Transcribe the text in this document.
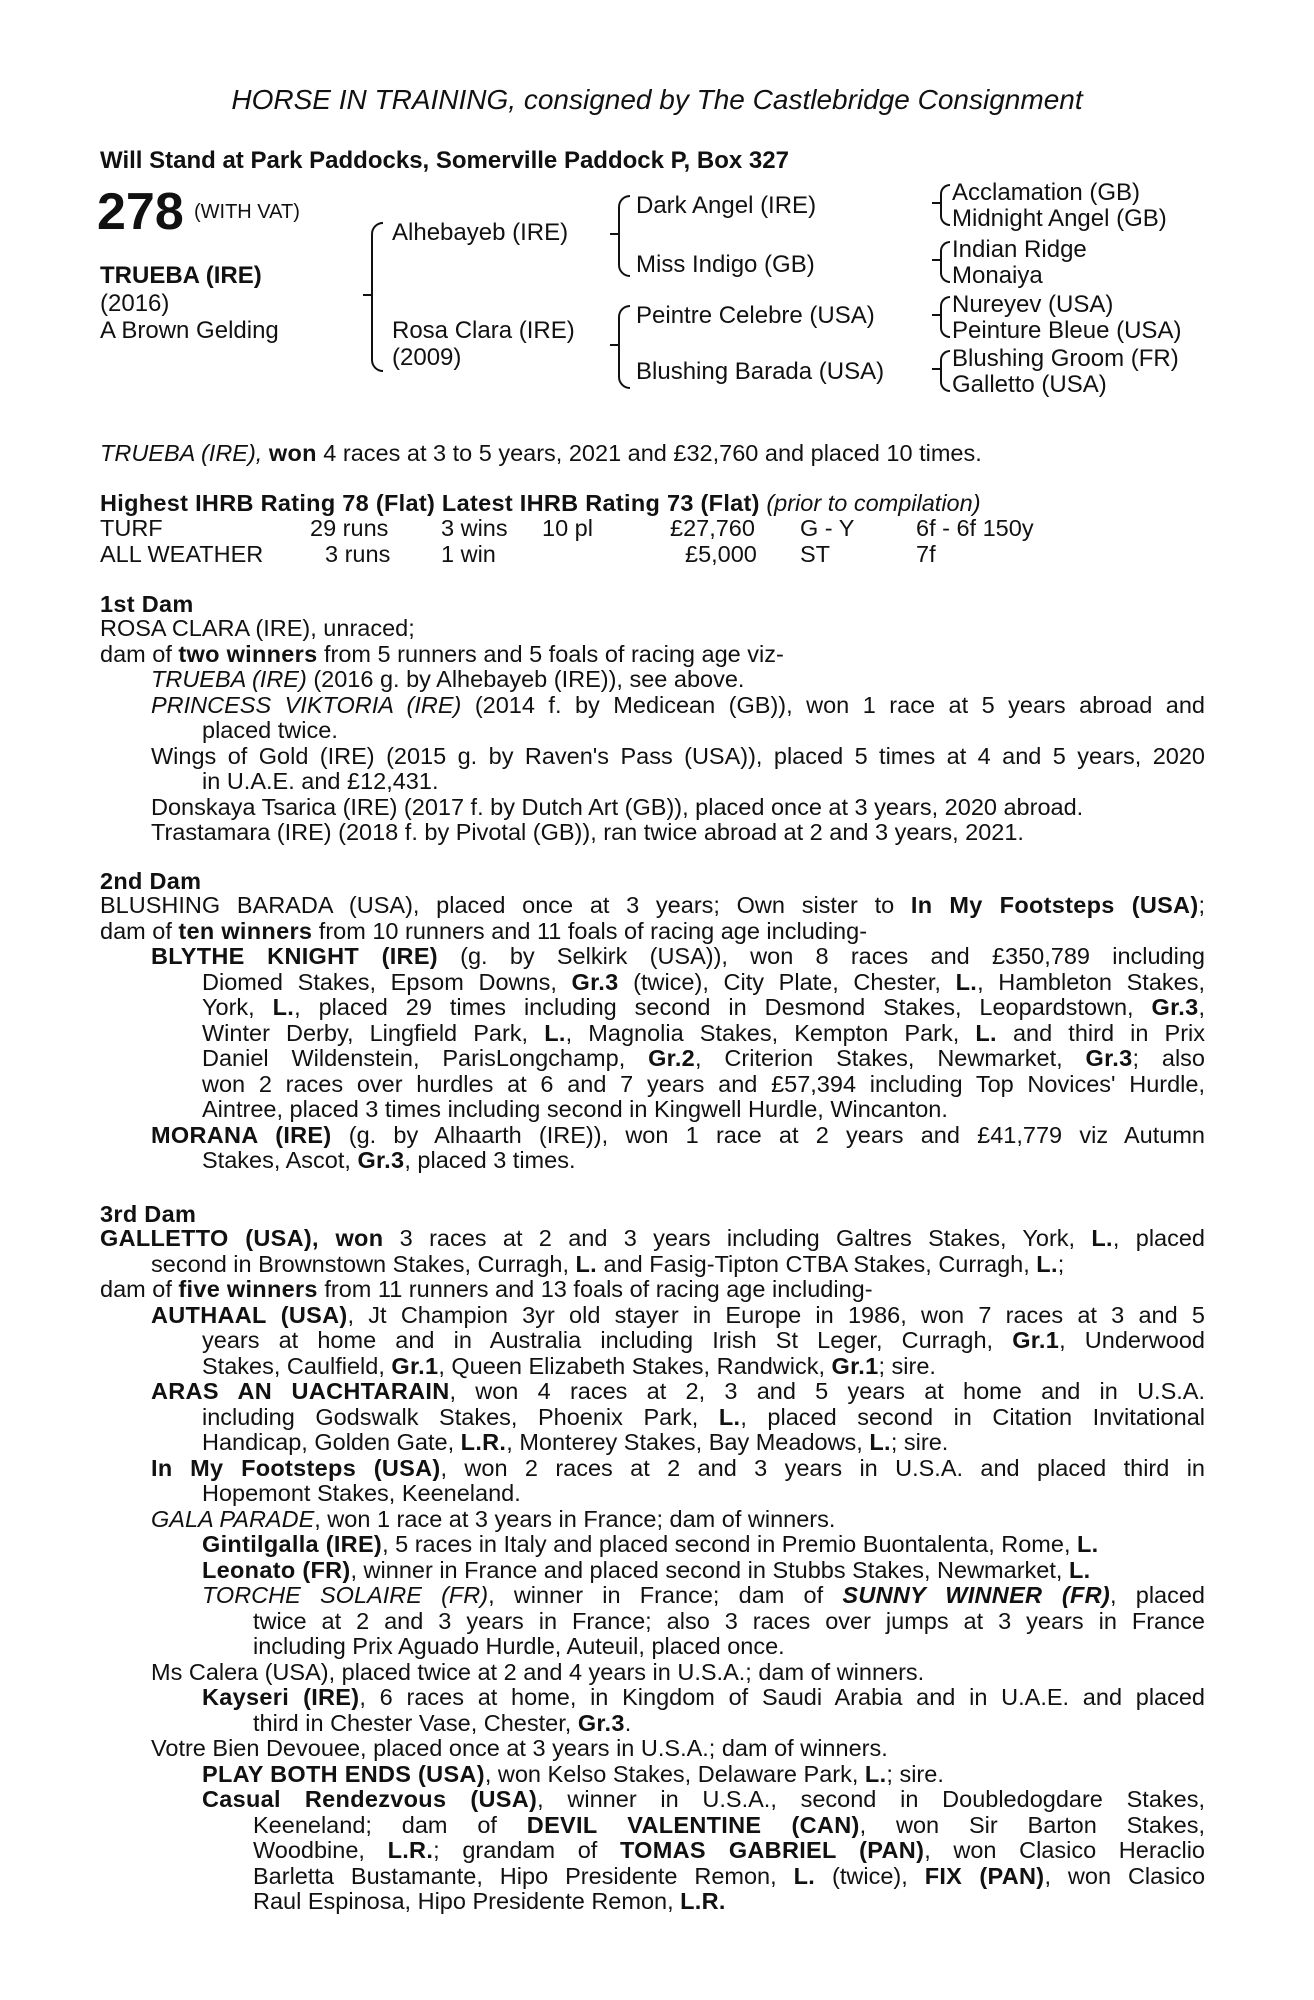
HORSE IN TRAINING, consigned by The Castlebridge Consignment
Will Stand at Park Paddocks, Somerville Paddock P, Box 327
278 (WITH VAT)
TRUEBA (IRE)
(2016)
A Brown Gelding
Alhebayeb (IRE)
Rosa Clara (IRE)
(2009)
Dark Angel (IRE)
Miss Indigo (GB)
Peintre Celebre (USA)
Blushing Barada (USA)
Acclamation (GB)
Midnight Angel (GB)
Indian Ridge
Monaiya
Nureyev (USA)
Peinture Bleue (USA)
Blushing Groom (FR)
Galletto (USA)
TRUEBA (IRE), won 4 races at 3 to 5 years, 2021 and £32,760 and placed 10 times.
Highest IHRB Rating 78 (Flat) Latest IHRB Rating 73 (Flat) (prior to compilation)
TURF	29 runs 3 wins 10 pl	£27,760 G - Y	6f - 6f 150y
ALL WEATHER	3 runs 1 win	£5,000 ST	7f
1st Dam
ROSA CLARA (IRE), unraced;
dam of two winners from 5 runners and 5 foals of racing age viz-
TRUEBA (IRE) (2016 g. by Alhebayeb (IRE)), see above.
PRINCESS VIKTORIA (IRE) (2014 f. by Medicean (GB)), won 1 race at 5 years abroad and
placed twice.
Wings of Gold (IRE) (2015 g. by Raven's Pass (USA)), placed 5 times at 4 and 5 years, 2020
in U.A.E. and £12,431.
Donskaya Tsarica (IRE) (2017 f. by Dutch Art (GB)), placed once at 3 years, 2020 abroad.
Trastamara (IRE) (2018 f. by Pivotal (GB)), ran twice abroad at 2 and 3 years, 2021.
2nd Dam
BLUSHING BARADA (USA), placed once at 3 years; Own sister to In My Footsteps (USA);
dam of ten winners from 10 runners and 11 foals of racing age including-
BLYTHE KNIGHT (IRE) (g. by Selkirk (USA)), won 8 races and £350,789 including
Diomed Stakes, Epsom Downs, Gr.3 (twice), City Plate, Chester, L., Hambleton Stakes,
York, L., placed 29 times including second in Desmond Stakes, Leopardstown, Gr.3,
Winter Derby, Lingfield Park, L., Magnolia Stakes, Kempton Park, L. and third in Prix
Daniel Wildenstein, ParisLongchamp, Gr.2, Criterion Stakes, Newmarket, Gr.3; also
won 2 races over hurdles at 6 and 7 years and £57,394 including Top Novices' Hurdle,
Aintree, placed 3 times including second in Kingwell Hurdle, Wincanton.
MORANA (IRE) (g. by Alhaarth (IRE)), won 1 race at 2 years and £41,779 viz Autumn
Stakes, Ascot, Gr.3, placed 3 times.
3rd Dam
GALLETTO (USA), won 3 races at 2 and 3 years including Galtres Stakes, York, L., placed
second in Brownstown Stakes, Curragh, L. and Fasig-Tipton CTBA Stakes, Curragh, L.;
dam of five winners from 11 runners and 13 foals of racing age including-
AUTHAAL (USA), Jt Champion 3yr old stayer in Europe in 1986, won 7 races at 3 and 5
years at home and in Australia including Irish St Leger, Curragh, Gr.1, Underwood
Stakes, Caulfield, Gr.1, Queen Elizabeth Stakes, Randwick, Gr.1; sire.
ARAS AN UACHTARAIN, won 4 races at 2, 3 and 5 years at home and in U.S.A.
including Godswalk Stakes, Phoenix Park, L., placed second in Citation Invitational
Handicap, Golden Gate, L.R., Monterey Stakes, Bay Meadows, L.; sire.
In My Footsteps (USA), won 2 races at 2 and 3 years in U.S.A. and placed third in
Hopemont Stakes, Keeneland.
GALA PARADE, won 1 race at 3 years in France; dam of winners.
Gintilgalla (IRE), 5 races in Italy and placed second in Premio Buontalenta, Rome, L.
Leonato (FR), winner in France and placed second in Stubbs Stakes, Newmarket, L.
TORCHE SOLAIRE (FR), winner in France; dam of SUNNY WINNER (FR), placed
twice at 2 and 3 years in France; also 3 races over jumps at 3 years in France
including Prix Aguado Hurdle, Auteuil, placed once.
Ms Calera (USA), placed twice at 2 and 4 years in U.S.A.; dam of winners.
Kayseri (IRE), 6 races at home, in Kingdom of Saudi Arabia and in U.A.E. and placed
third in Chester Vase, Chester, Gr.3.
Votre Bien Devouee, placed once at 3 years in U.S.A.; dam of winners.
PLAY BOTH ENDS (USA), won Kelso Stakes, Delaware Park, L.; sire.
Casual Rendezvous (USA), winner in U.S.A., second in Doubledogdare Stakes,
Keeneland; dam of DEVIL VALENTINE (CAN), won Sir Barton Stakes,
Woodbine, L.R.; grandam of TOMAS GABRIEL (PAN), won Clasico Heraclio
Barletta Bustamante, Hipo Presidente Remon, L. (twice), FIX (PAN), won Clasico
Raul Espinosa, Hipo Presidente Remon, L.R.
